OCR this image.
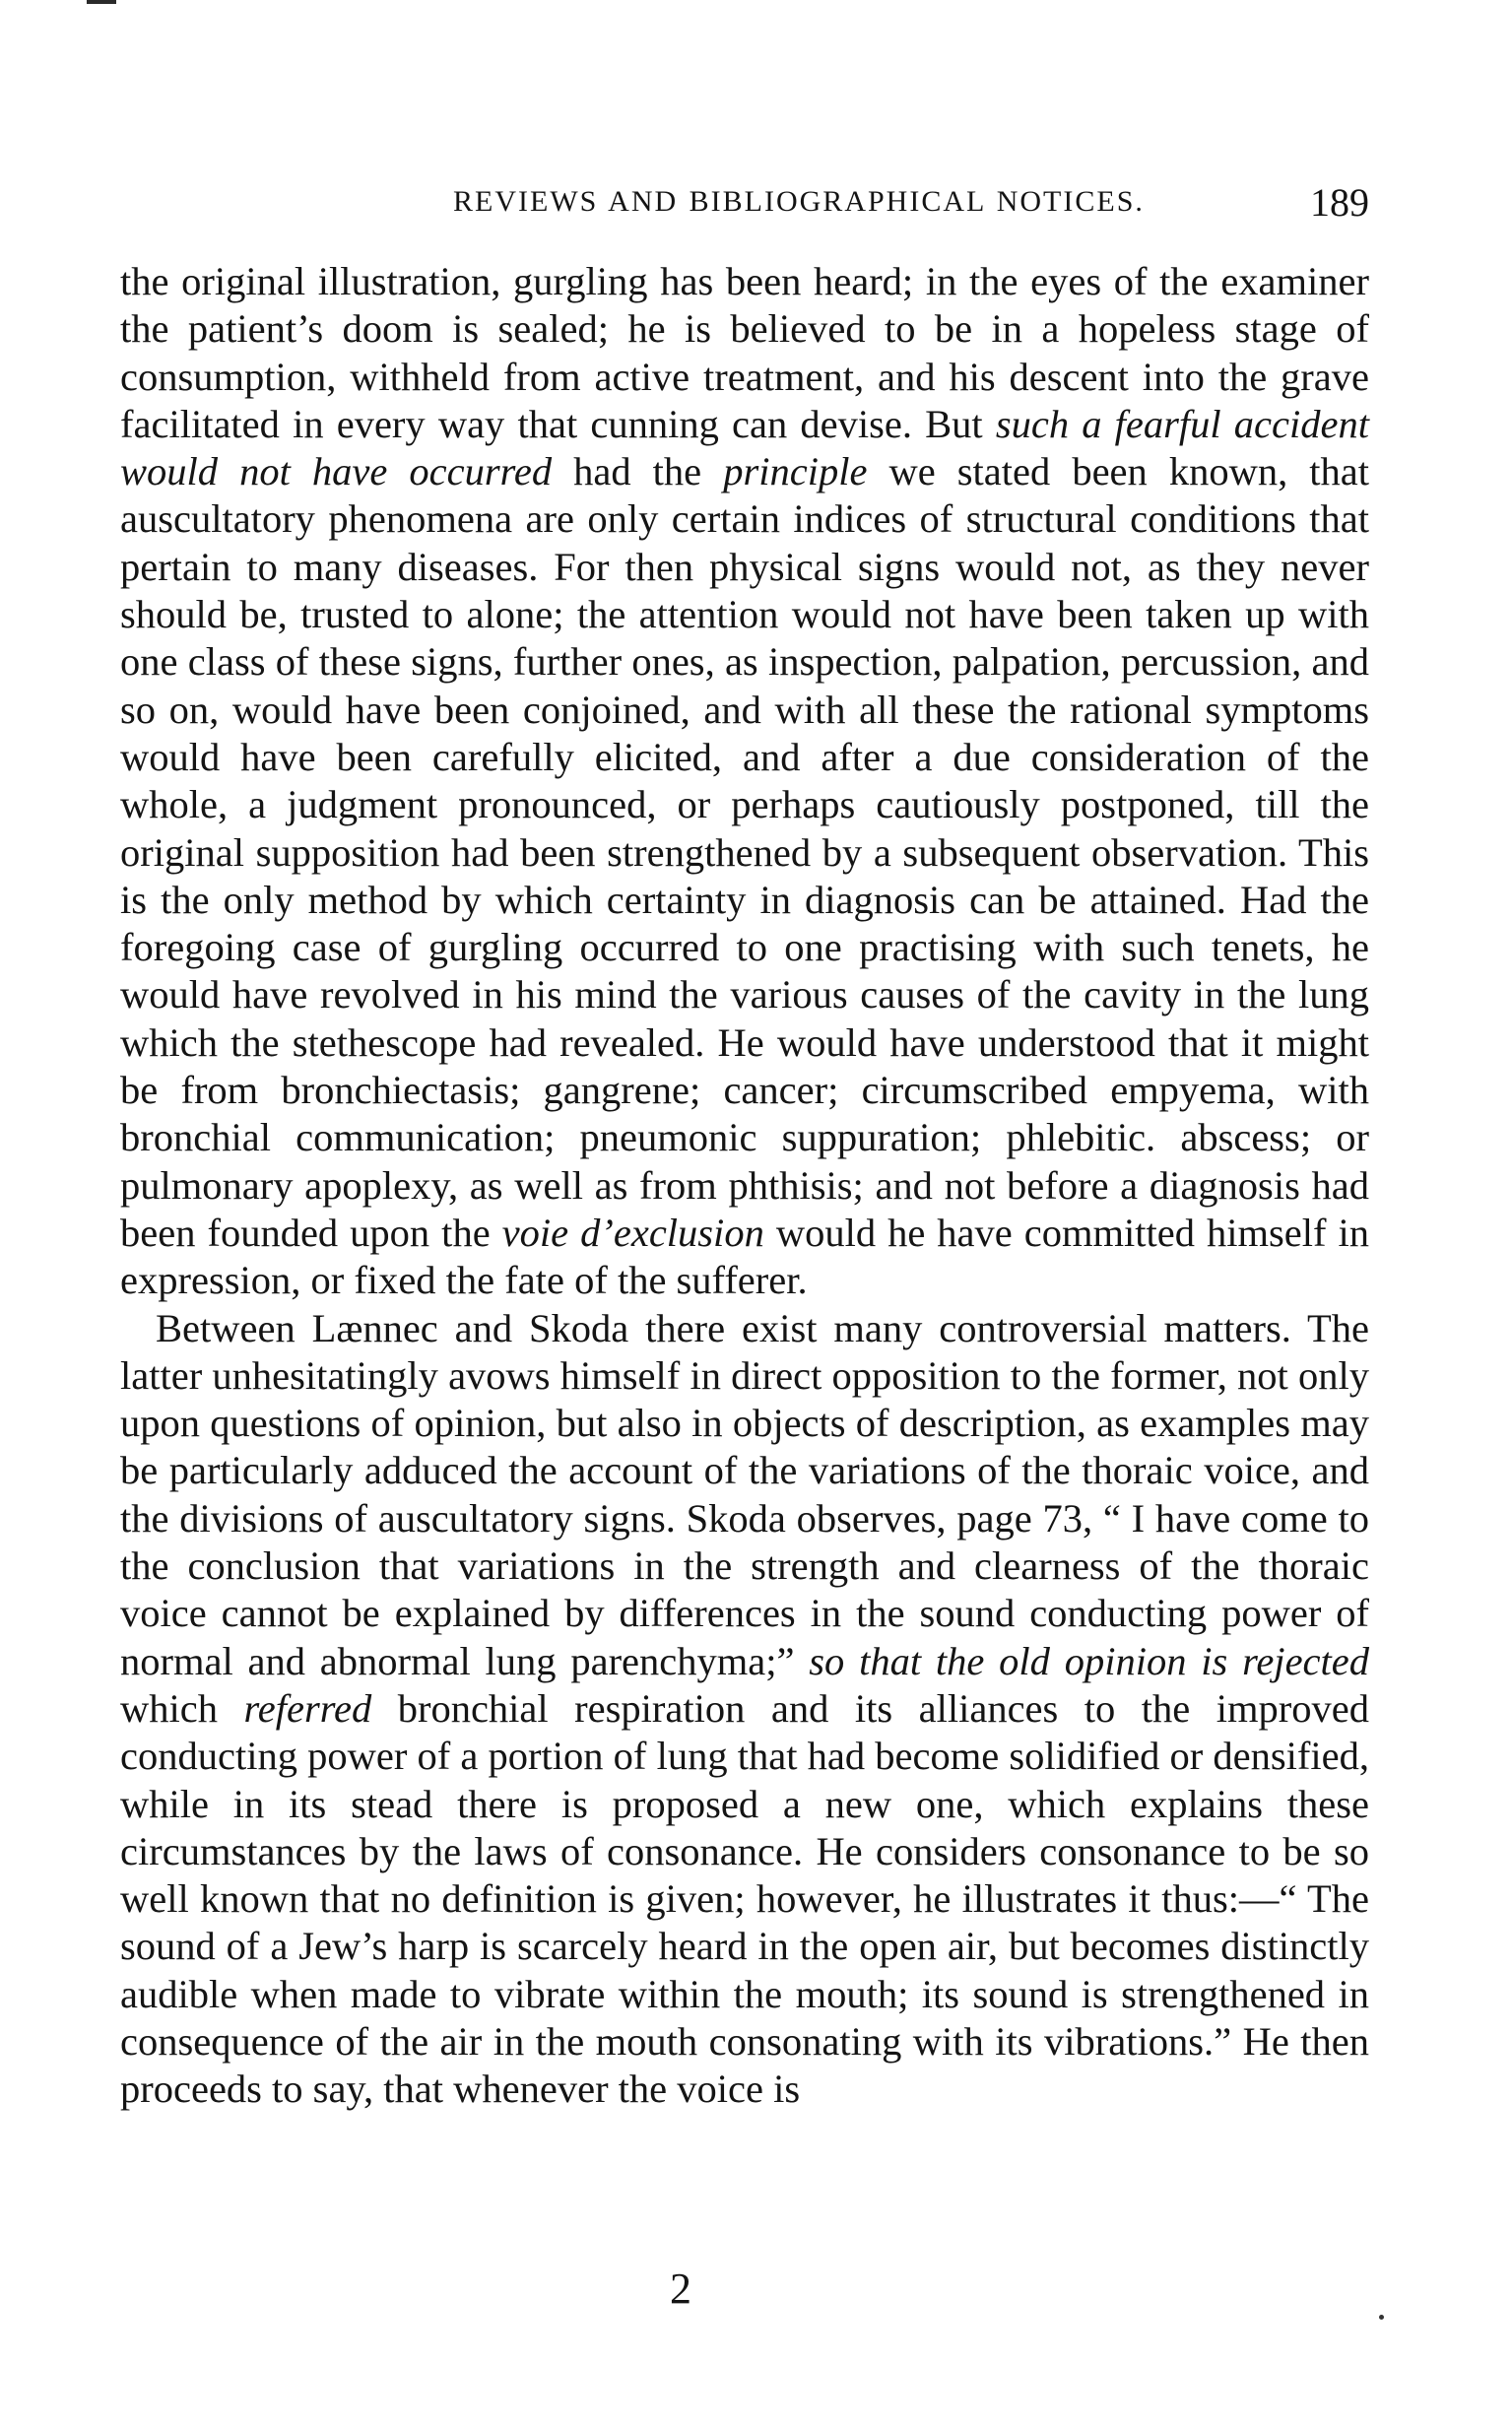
REVIEWS AND BIBLIOGRAPHICAL NOTICES.	189

the original illustration, gurgling has been heard; in the eyes of the examiner the patient’s doom is sealed; he is believed to be in a hopeless stage of consumption, withheld from active treatment, and his descent into the grave facilitated in every way that cunning can devise. But such a fearful accident would not have occurred had the principle we stated been known, that auscultatory phenomena are only certain indices of structural conditions that pertain to many diseases. For then physical signs would not, as they never should be, trusted to alone; the attention would not have been taken up with one class of these signs, further ones, as inspection, palpation, percussion, and so on, would have been conjoined, and with all these the rational symptoms would have been carefully elicited, and after a due consideration of the whole, a judgment pronounced, or perhaps cautiously postponed, till the original supposition had been strengthened by a subsequent observation. This is the only method by which certainty in diagnosis can be attained. Had the foregoing case of gurgling occurred to one practising with such tenets, he would have revolved in his mind the various causes of the cavity in the lung which the stethescope had revealed. He would have understood that it might be from bronchiectasis; gangrene; cancer; circumscribed empyema, with bronchial communication; pneumonic suppuration; phlebitic. abscess; or pulmonary apoplexy, as well as from phthisis; and not before a diagnosis had been founded upon the voie d’exclusion would he have committed himself in expression, or fixed the fate of the sufferer.

Between Lænnec and Skoda there exist many controversial matters. The latter unhesitatingly avows himself in direct opposition to the former, not only upon questions of opinion, but also in objects of description, as examples may be particularly adduced the account of the variations of the thoraic voice, and the divisions of auscultatory signs. Skoda observes, page 73, “ I have come to the conclusion that variations in the strength and clearness of the thoraic voice cannot be explained by differences in the sound conducting power of normal and abnormal lung parenchyma;” so that the old opinion is rejected which referred bronchial respiration and its alliances to the improved conducting power of a portion of lung that had become solidified or densified, while in its stead there is proposed a new one, which explains these circumstances by the laws of consonance. He considers consonance to be so well known that no definition is given; however, he illustrates it thus:—“ The sound of a Jew’s harp is scarcely heard in the open air, but becomes distinctly audible when made to vibrate within the mouth; its sound is strengthened in consequence of the air in the mouth consonating with its vibrations.” He then proceeds to say, that whenever the voice is

2
